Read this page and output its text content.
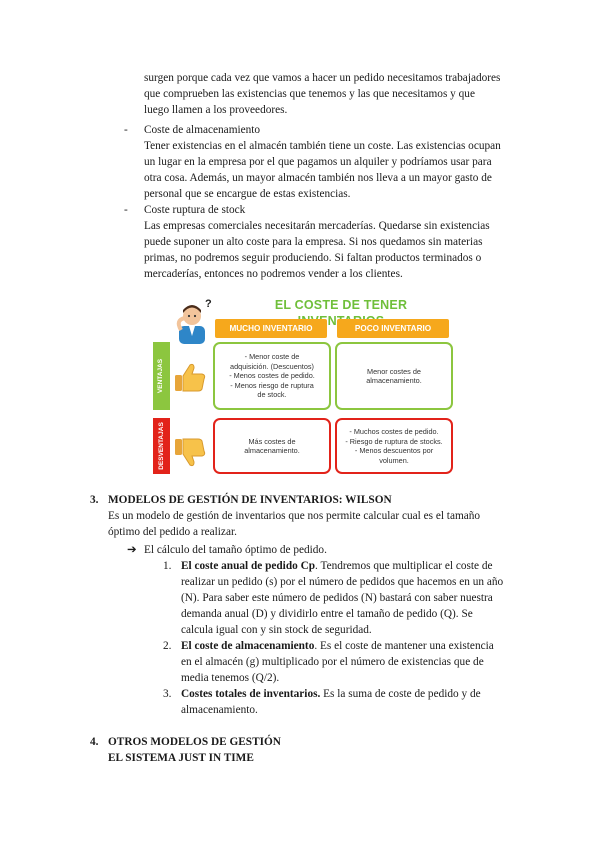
surgen porque cada vez que vamos a hacer un pedido necesitamos trabajadores

que comprueben las existencias que tenemos y las que necesitamos y que

luego llamen a los proveedores.

- Coste de almacenamiento

Tener existencias en el almacén también tiene un coste. Las existencias ocupan

un lugar en la empresa por el que pagamos un alquiler y podríamos usar para

otra cosa. Además, un mayor almacén también nos lleva a un mayor gasto de

personal que se encargue de estas existencias.

- Coste ruptura de stock

Las empresas comerciales necesitarán mercaderías. Quedarse sin existencias

puede suponer un alto coste para la empresa. Si nos quedamos sin materias

primas, no podremos seguir produciendo. Si faltan productos terminados o

mercaderías, entonces no podremos vender a los clientes.

?	EL COSTE DE TENER
MUCHO INVENTARIO	POCO INVENTARIO
VENTAJAS
DESVENTAJAS
- Menor coste de
adquisición. (Descuentos)
- Menos costes de pedido.
- Menos riesgo de ruptura
de stock.
Menor costes de
almacenamiento.
Más costes de
almacenamiento.
- Muchos costes de pedido.
- Riesgo de ruptura de stocks.
- Menos descuentos por
volumen.
3. MODELOS DE GESTIÓN DE INVENTARIOS: WILSON

Es un modelo de gestión de inventarios que nos permite calcular cual es el tamaño

óptimo del pedido a realizar.

➔ El cálculo del tamaño óptimo de pedido.

1. El coste anual de pedido Cp. Tendremos que multiplicar el coste de

realizar un pedido (s) por el número de pedidos que hacemos en un año

(N). Para saber este número de pedidos (N) bastará con saber nuestra

demanda anual (D) y dividirlo entre el tamaño de pedido (Q). Se

calcula igual con y sin stock de seguridad.

2. El coste de almacenamiento. Es el coste de mantener una existencia

en el almacén (g) multiplicado por el número de existencias que de

media tenemos (Q/2).

3. Costes totales de inventarios. Es la suma de coste de pedido y de

almacenamiento.

4. OTROS MODELOS DE GESTIÓN

EL SISTEMA JUST IN TIME
